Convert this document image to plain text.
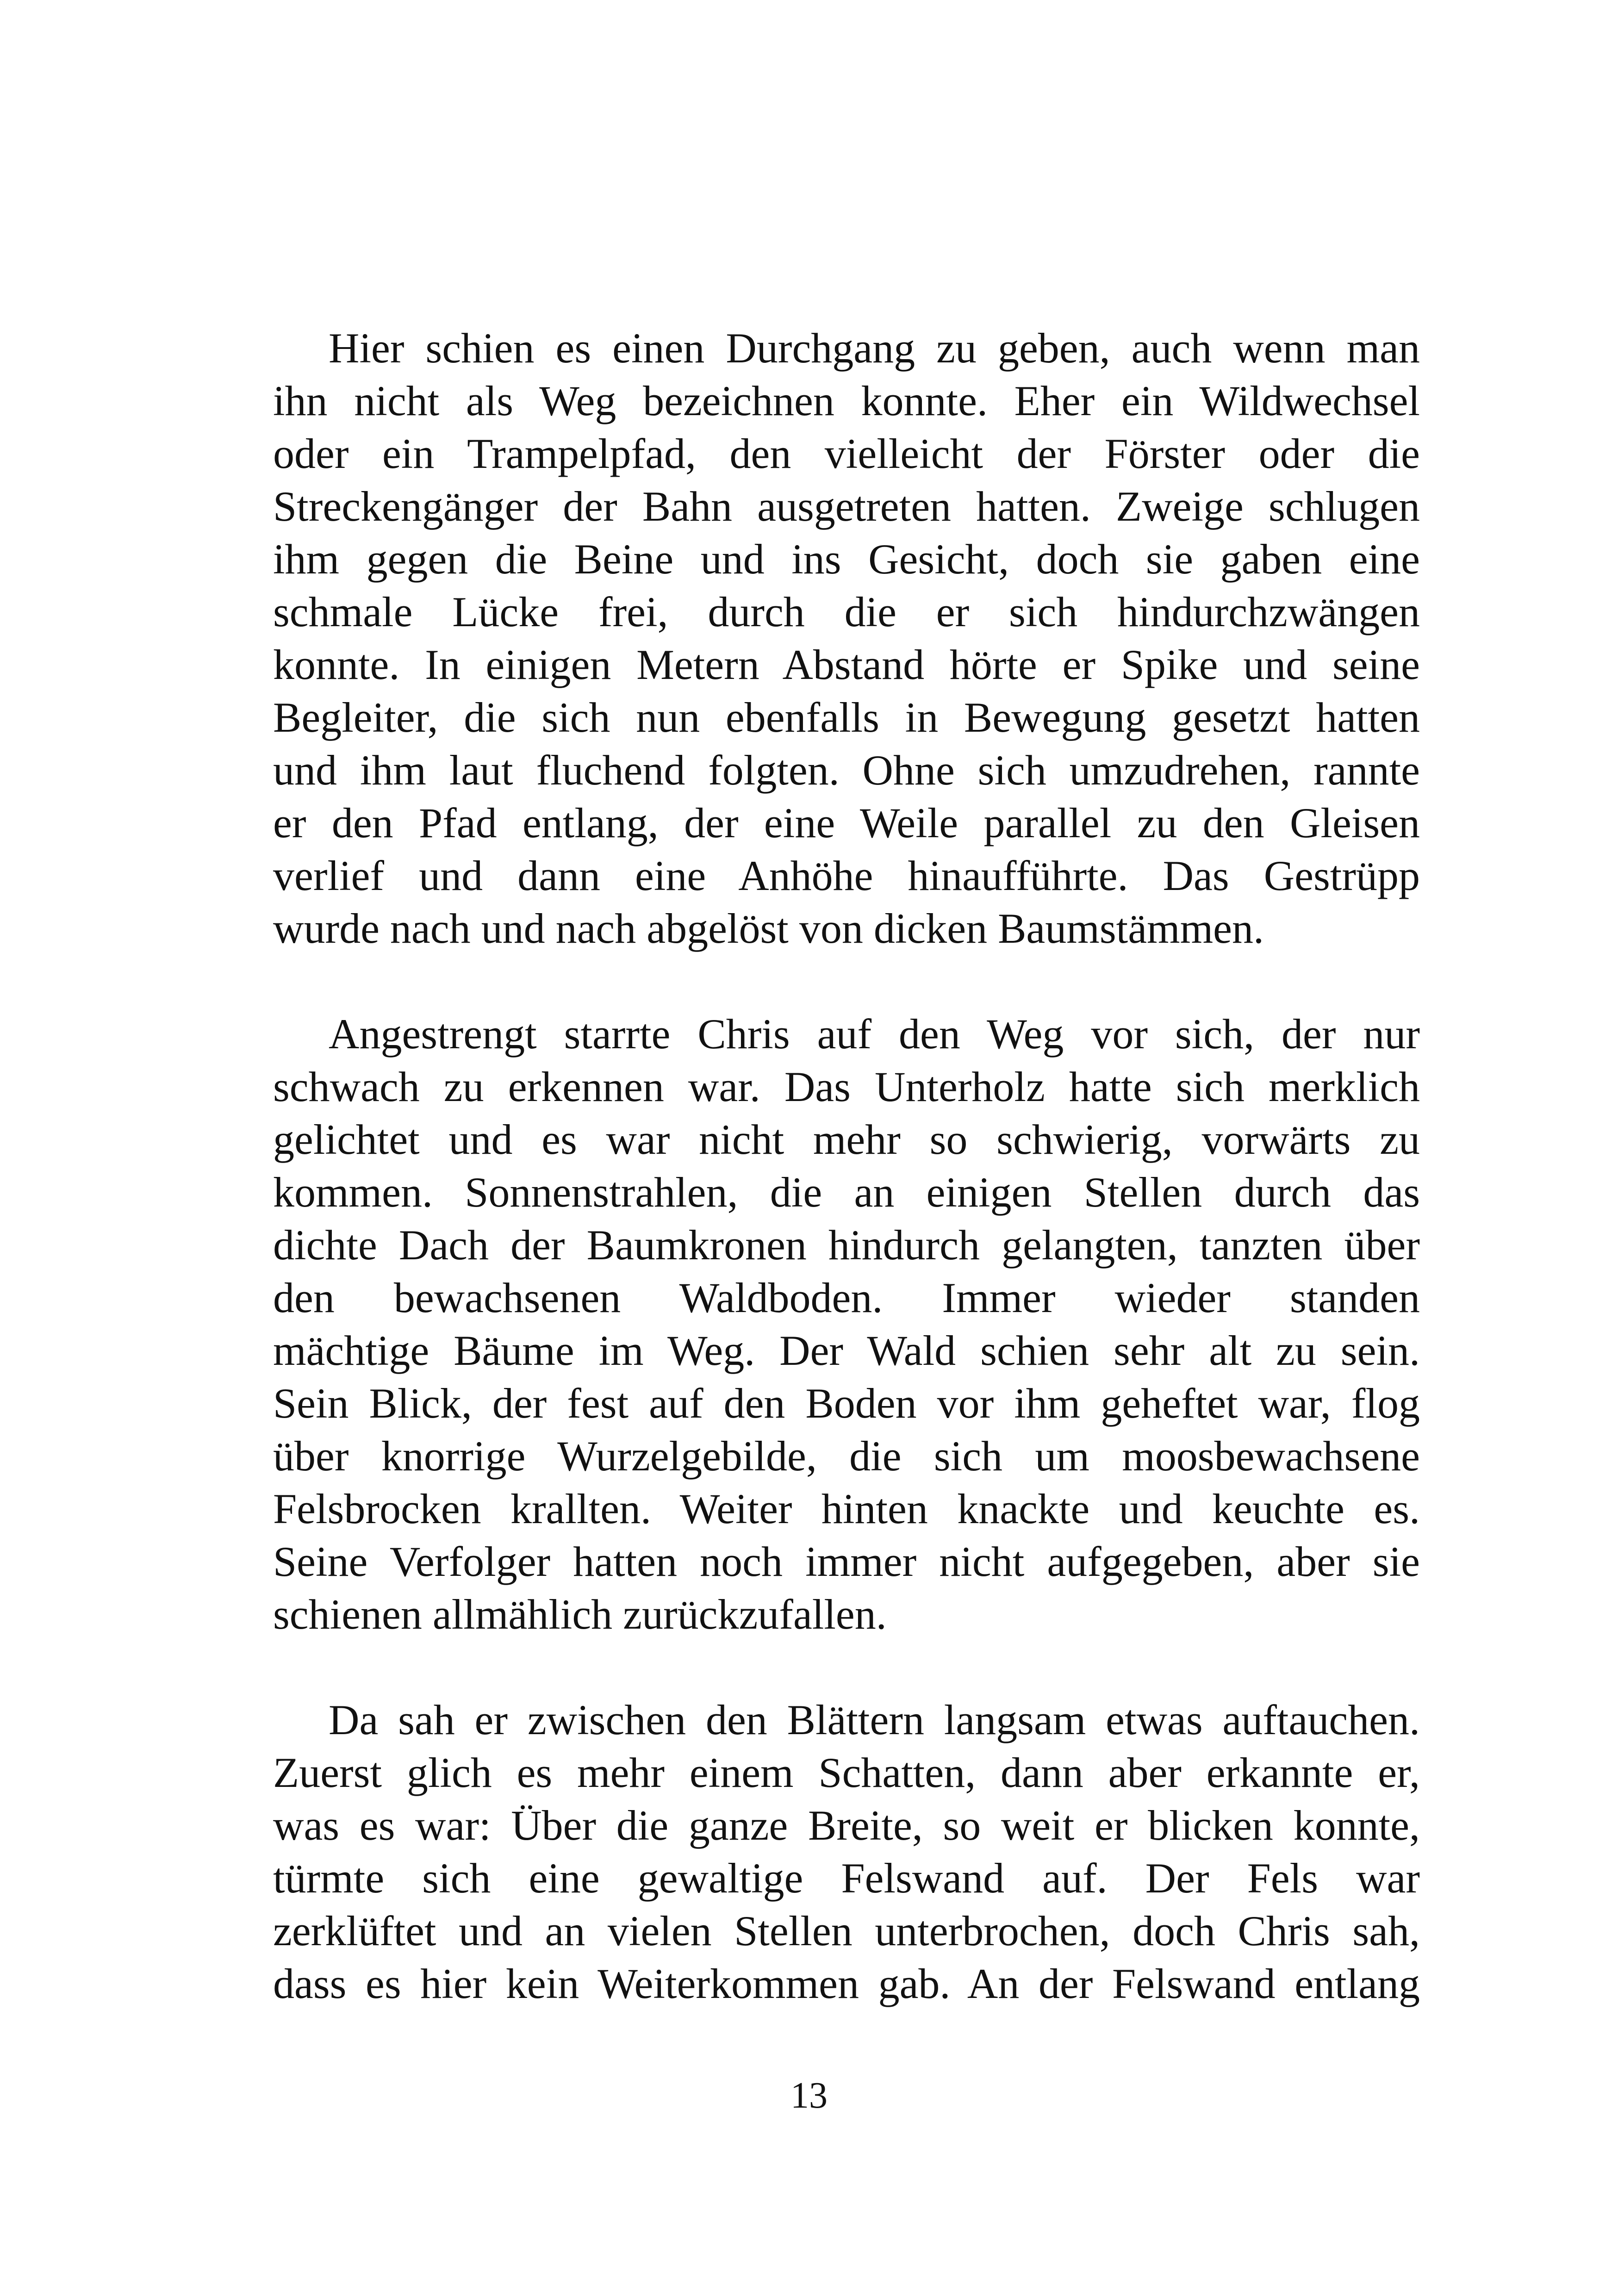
Hier schien es einen Durchgang zu geben, auch wenn man
ihn nicht als Weg bezeichnen konnte. Eher ein Wildwechsel
oder ein Trampelpfad, den vielleicht der Förster oder die
Streckengänger der Bahn ausgetreten hatten. Zweige schlugen
ihm gegen die Beine und ins Gesicht, doch sie gaben eine
schmale Lücke frei, durch die er sich hindurchzwängen
konnte. In einigen Metern Abstand hörte er Spike und seine
Begleiter, die sich nun ebenfalls in Bewegung gesetzt hatten
und ihm laut fluchend folgten. Ohne sich umzudrehen, rannte
er den Pfad entlang, der eine Weile parallel zu den Gleisen
verlief und dann eine Anhöhe hinaufführte. Das Gestrüpp
wurde nach und nach abgelöst von dicken Baumstämmen.

Angestrengt starrte Chris auf den Weg vor sich, der nur
schwach zu erkennen war. Das Unterholz hatte sich merklich
gelichtet und es war nicht mehr so schwierig, vorwärts zu
kommen. Sonnenstrahlen, die an einigen Stellen durch das
dichte Dach der Baumkronen hindurch gelangten, tanzten über
den bewachsenen Waldboden. Immer wieder standen
mächtige Bäume im Weg. Der Wald schien sehr alt zu sein.
Sein Blick, der fest auf den Boden vor ihm geheftet war, flog
über knorrige Wurzelgebilde, die sich um moosbewachsene
Felsbrocken krallten. Weiter hinten knackte und keuchte es.
Seine Verfolger hatten noch immer nicht aufgegeben, aber sie
schienen allmählich zurückzufallen.

Da sah er zwischen den Blättern langsam etwas auftauchen.
Zuerst glich es mehr einem Schatten, dann aber erkannte er,
was es war: Über die ganze Breite, so weit er blicken konnte,
türmte sich eine gewaltige Felswand auf. Der Fels war
zerklüftet und an vielen Stellen unterbrochen, doch Chris sah,
dass es hier kein Weiterkommen gab. An der Felswand entlang

13
